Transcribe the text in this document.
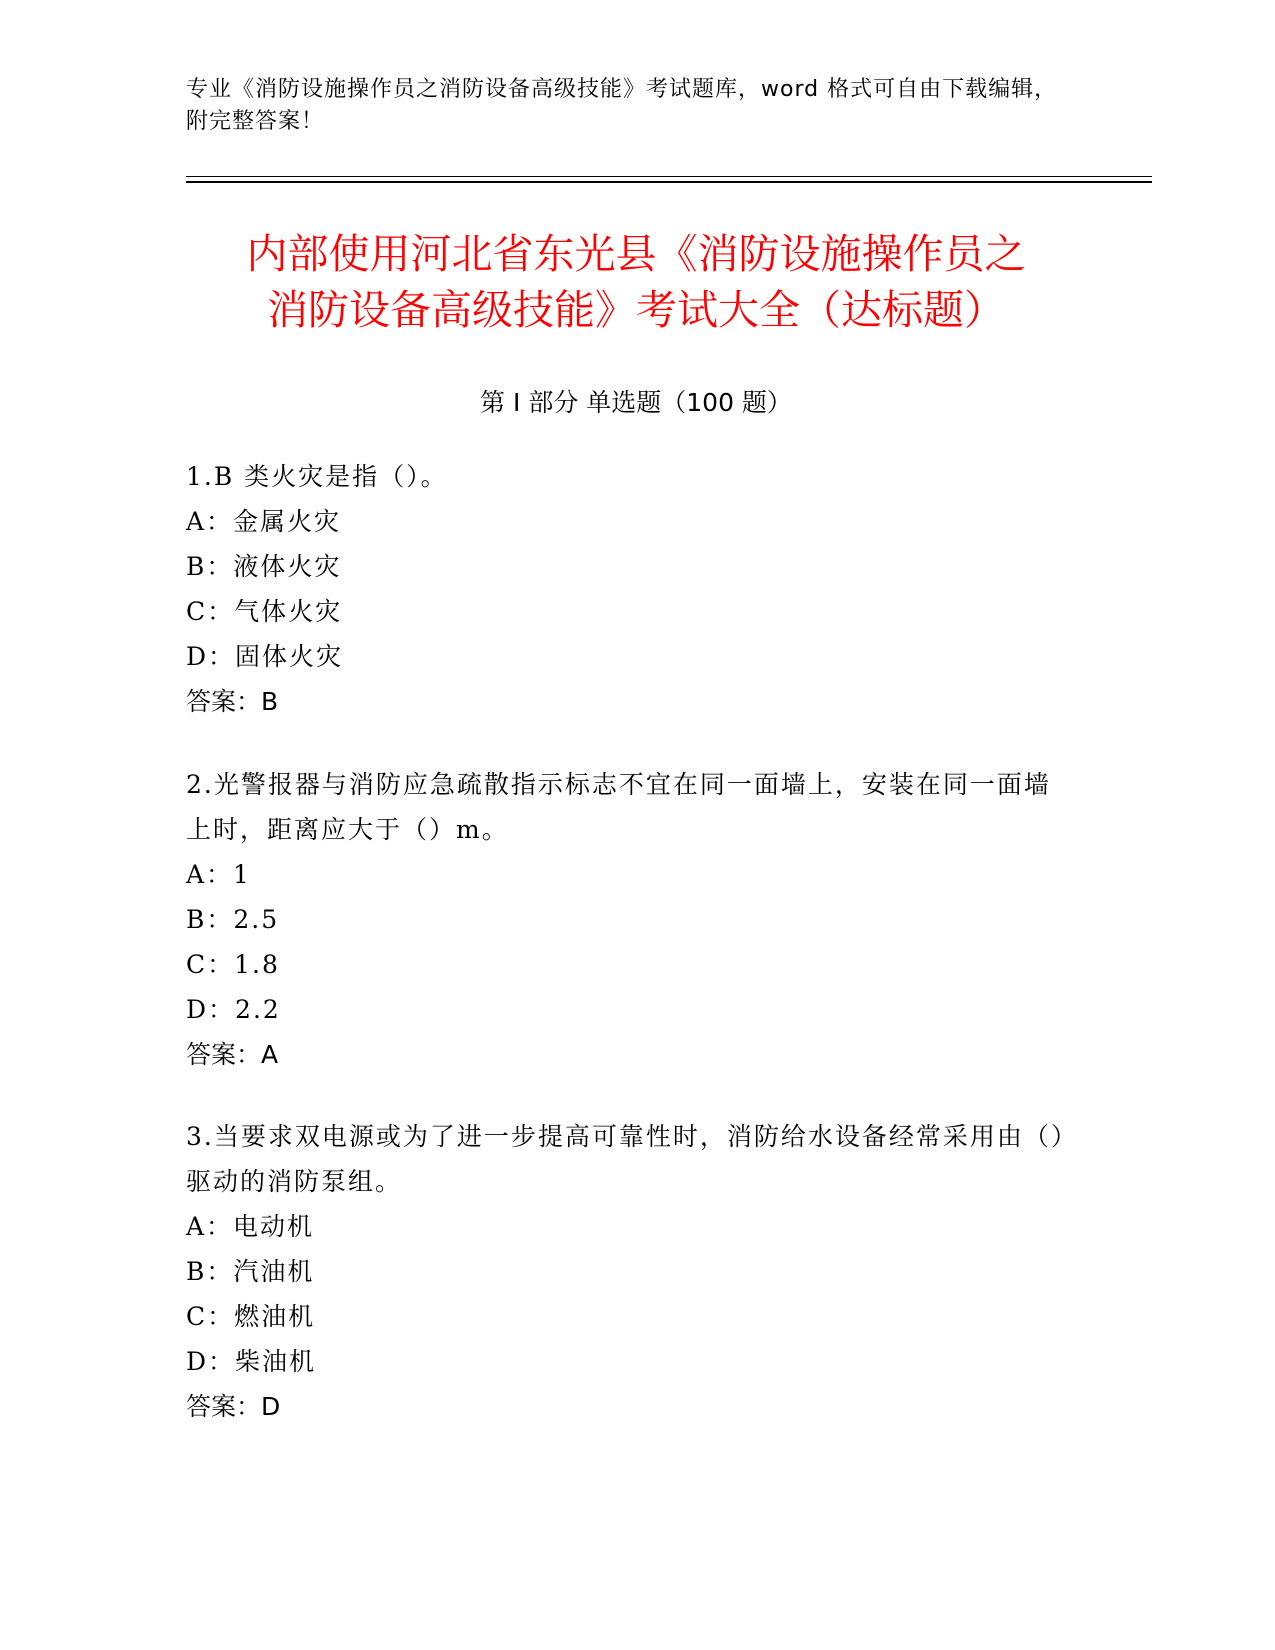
专业《消防设施操作员之消防设备高级技能》考试题库，word 格式可自由下载编辑，附完整答案！
内部使用河北省东光县《消防设施操作员之
消防设备高级技能》考试大全（达标题）
第 I 部分 单选题（100 题）
1.B 类火灾是指（）。
A：金属火灾
B：液体火灾
C：气体火灾
D：固体火灾
答案：B
2.光警报器与消防应急疏散指示标志不宜在同一面墙上，安装在同一面墙上时，距离应大于（）m。
A：1
B：2.5
C：1.8
D：2.2
答案：A
3.当要求双电源或为了进一步提高可靠性时，消防给水设备经常采用由（）驱动的消防泵组。
A：电动机
B：汽油机
C：燃油机
D：柴油机
答案：D
